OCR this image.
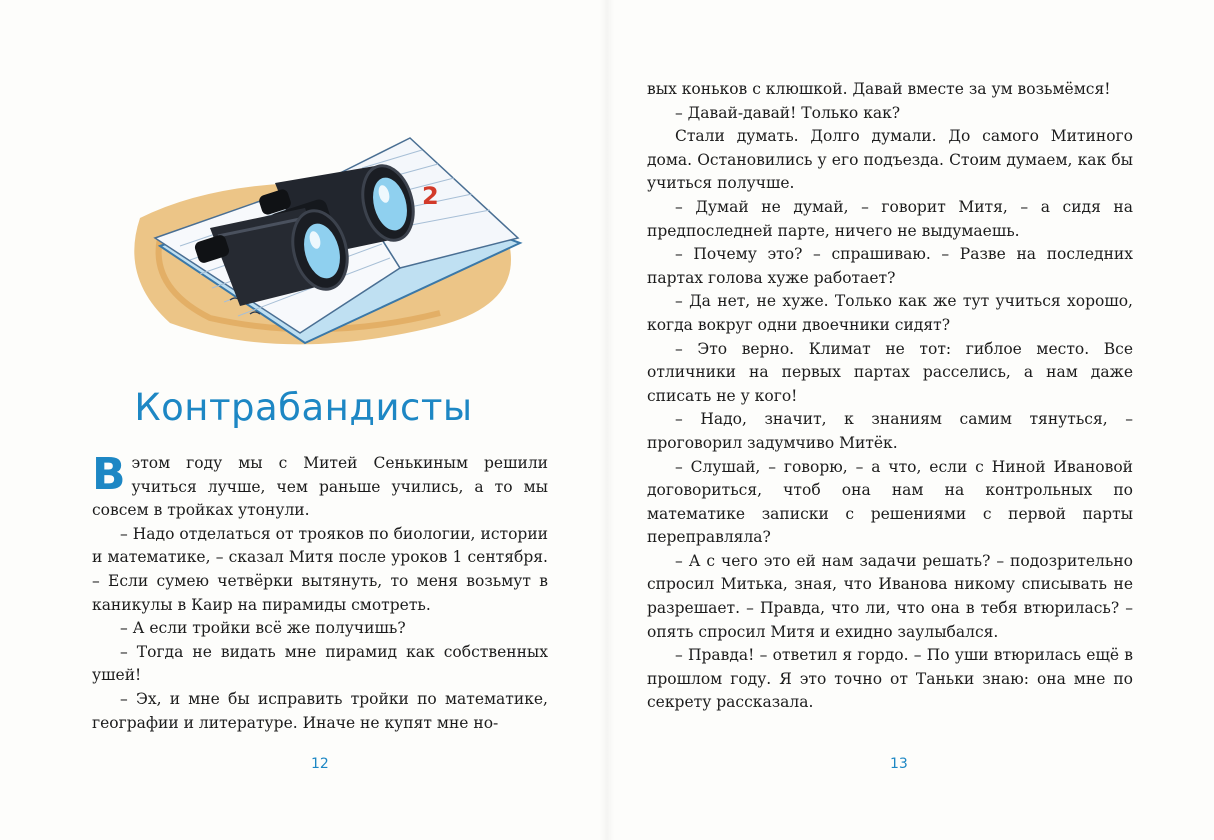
2
Контрабандисты

Вэтом году мы с Митей Сенькиным решили учиться лучше, чем раньше учились, а то мы совсем в тройках утонули.

– Надо отделаться от трояков по биологии, истории и математике, – сказал Митя после уроков 1 сентября. – Если сумею четвёрки вытянуть, то меня возьмут в каникулы в Каир на пирамиды смотреть.

– А если тройки всё же получишь?

– Тогда не видать мне пирамид как собственных ушей!

– Эх, и мне бы исправить тройки по математике, географии и литературе. Иначе не купят мне но-

12

вых коньков с клюшкой. Давай вместе за ум возьмёмся!

– Давай-давай! Только как?

Стали думать. Долго думали. До самого Митиного дома. Остановились у его подъезда. Стоим думаем, как бы учиться получше.

– Думай не думай, – говорит Митя, – а сидя на предпоследней парте, ничего не выдумаешь.

– Почему это? – спрашиваю. – Разве на последних партах голова хуже работает?

– Да нет, не хуже. Только как же тут учиться хорошо, когда вокруг одни двоечники сидят?

– Это верно. Климат не тот: гиблое место. Все отличники на первых партах расселись, а нам даже списать не у кого!

– Надо, значит, к знаниям самим тянуться, – проговорил задумчиво Митёк.

– Слушай, – говорю, – а что, если с Ниной Ивановой договориться, чтоб она нам на контрольных по математике записки с решениями с первой парты переправляла?

– А с чего это ей нам задачи решать? – подозрительно спросил Митька, зная, что Иванова никому списывать не разрешает. – Правда, что ли, что она в тебя втюрилась? – опять спросил Митя и ехидно заулыбался.

– Правда! – ответил я гордо. – По уши втюрилась ещё в прошлом году. Я это точно от Таньки знаю: она мне по секрету рассказала.

13
